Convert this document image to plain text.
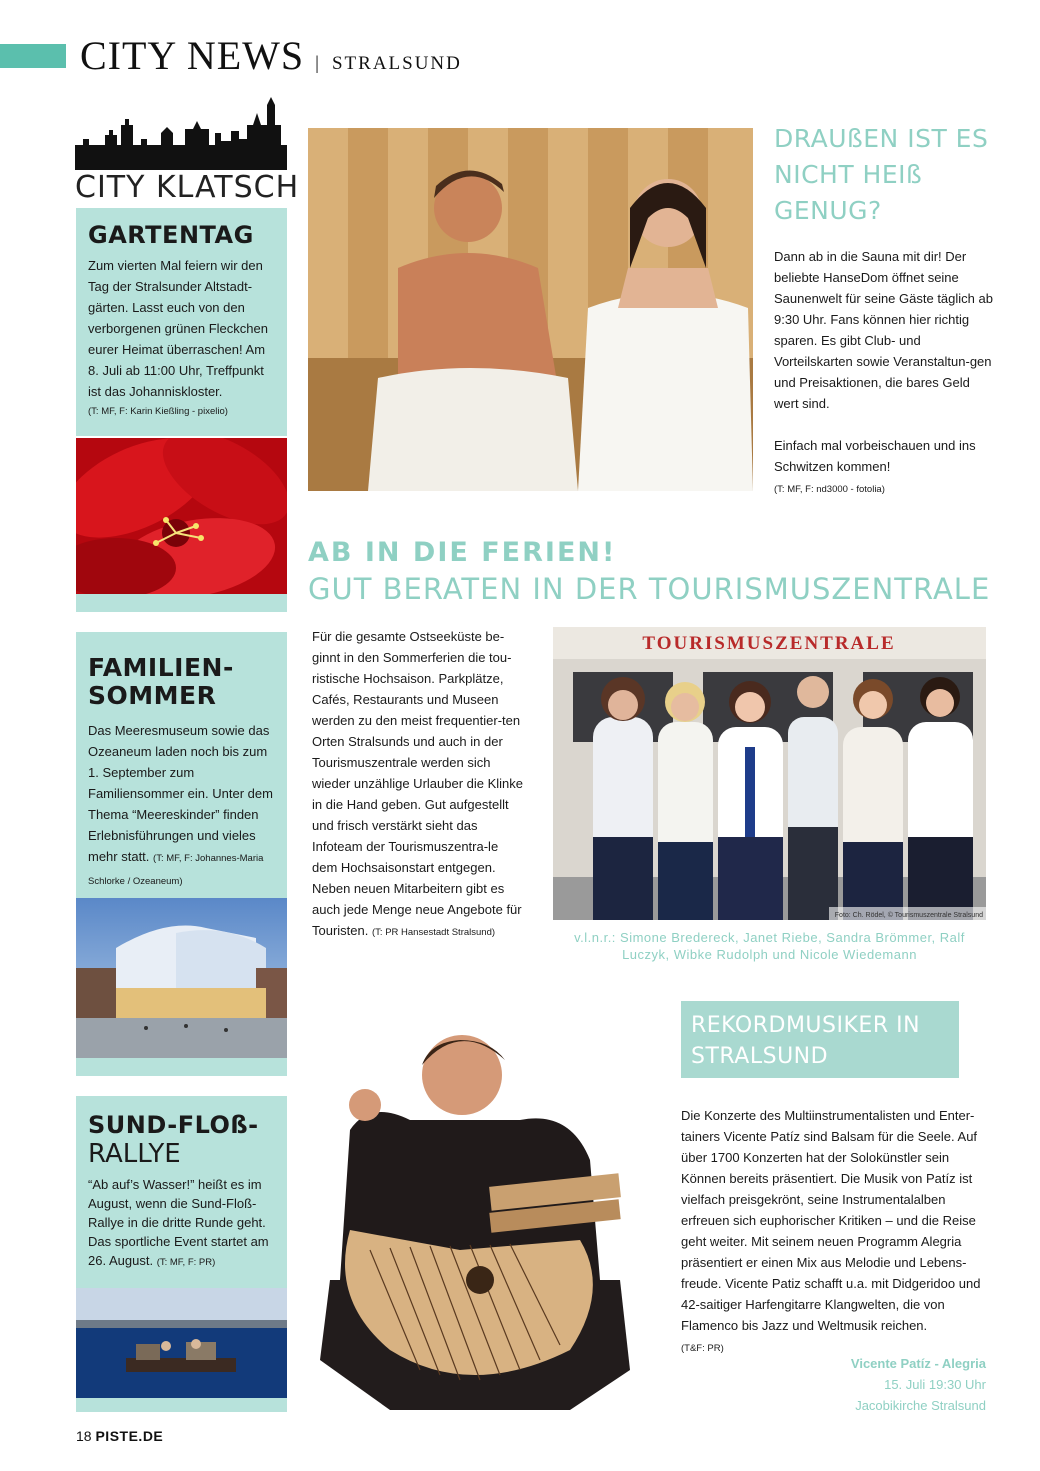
CITY NEWS | STRALSUND
CITY KLATSCH
GARTENTAG
Zum vierten Mal feiern wir den Tag der Stralsunder Altstadt-gärten. Lasst euch von den verborgenen grünen Fleckchen eurer Heimat überraschen! Am 8. Juli ab 11:00 Uhr, Treffpunkt ist das Johanniskloster.
(T: MF, F: Karin Kießling - pixelio)
FAMILIEN-
SOMMER
Das Meeresmuseum sowie das Ozeaneum laden noch bis zum 1. September zum Familiensommer ein. Unter dem Thema “Meereskinder” finden Erlebnisführungen und vieles mehr statt. (T: MF, F: Johannes-Maria Schlorke / Ozeaneum)
SUND-FLOß-
RALLYE
“Ab auf’s Wasser!” heißt es im August, wenn die Sund-Floß-Rallye in die dritte Runde geht. Das sportliche Event startet am 26. August. (T: MF, F: PR)
DRAUßEN IST ES
NICHT HEIß
GENUG?
Dann ab in die Sauna mit dir! Der beliebte HanseDom öffnet seine Saunenwelt für seine Gäste täglich ab 9:30 Uhr. Fans können hier richtig sparen. Es gibt Club- und Vorteilskarten sowie Veranstaltun-gen und Preisaktionen, die bares Geld wert sind.
Einfach mal vorbeischauen und ins Schwitzen kommen!
(T: MF, F: nd3000 - fotolia)
AB IN DIE FERIEN!
GUT BERATEN IN DER TOURISMUSZENTRALE
Für die gesamte Ostseeküste be-ginnt in den Sommerferien die tou-ristische Hochsaison. Parkplätze, Cafés, Restaurants und Museen werden zu den meist frequentier-ten Orten Stralsunds und auch in der Tourismuszentrale werden sich wieder unzählige Urlauber die Klinke in die Hand geben. Gut aufgestellt und frisch verstärkt sieht das Infoteam der Tourismuszentra-le dem Hochsaisonstart entgegen. Neben neuen Mitarbeitern gibt es auch jede Menge neue Angebote für Touristen. (T: PR Hansestadt Stralsund)
TOURISMUSZENTRALE
Foto: Ch. Rödel, © Tourismuszentrale Stralsund
v.l.n.r.: Simone Bredereck, Janet Riebe, Sandra Brömmer, Ralf
Luczyk, Wibke Rudolph und Nicole Wiedemann
REKORDMUSIKER IN
STRALSUND
Die Konzerte des Multiinstrumentalisten und Enter-tainers Vicente Patíz sind Balsam für die Seele. Auf über 1700 Konzerten hat der Solokünstler sein Können bereits präsentiert. Die Musik von Patíz ist vielfach preisgekrönt, seine Instrumentalalben erfreuen sich euphorischer Kritiken – und die Reise geht weiter. Mit seinem neuen Programm Alegria präsentiert er einen Mix aus Melodie und Lebens-freude. Vicente Patiz schafft u.a. mit Didgeridoo und 42-saitiger Harfengitarre Klangwelten, die von Flamenco bis Jazz und Weltmusik reichen.
(T&F: PR)
Vicente Patíz - Alegria
15. Juli 19:30 Uhr
Jacobikirche Stralsund
18 PISTE.DE
